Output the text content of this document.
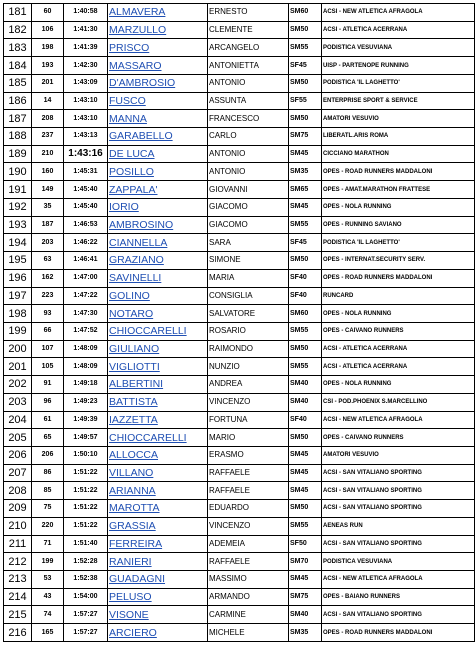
181	60	1:40:58	ALMAVERA	ERNESTO	SM60	ACSI - NEW ATLETICA AFRAGOLA
182	106	1:41:30	MARZULLO	CLEMENTE	SM50	ACSI - ATLETICA ACERRANA
183	198	1:41:39	PRISCO	ARCANGELO	SM55	PODISTICA VESUVIANA
184	193	1:42:30	MASSARO	ANTONIETTA	SF45	UISP - PARTENOPE RUNNING
185	201	1:43:09	D'AMBROSIO	ANTONIO	SM50	PODISTICA 'IL LAGHETTO'
186	14	1:43:10	FUSCO	ASSUNTA	SF55	ENTERPRISE SPORT & SERVICE
187	208	1:43:10	MANNA	FRANCESCO	SM50	AMATORI VESUVIO
188	237	1:43:13	GARABELLO	CARLO	SM75	LIBERATL.ARIS ROMA
189	210	1:43:16	DE LUCA	ANTONIO	SM45	CICCIANO MARATHON
190	160	1:45:31	POSILLO	ANTONIO	SM35	OPES - ROAD RUNNERS MADDALONI
191	149	1:45:40	ZAPPALA'	GIOVANNI	SM65	OPES - AMAT.MARATHON FRATTESE
192	35	1:45:40	IORIO	GIACOMO	SM45	OPES - NOLA RUNNING
193	187	1:46:53	AMBROSINO	GIACOMO	SM55	OPES - RUNNING SAVIANO
194	203	1:46:22	CIANNELLA	SARA	SF45	PODISTICA 'IL LAGHETTO'
195	63	1:46:41	GRAZIANO	SIMONE	SM50	OPES - INTERNAT.SECURITY SERV.
196	162	1:47:00	SAVINELLI	MARIA	SF40	OPES - ROAD RUNNERS MADDALONI
197	223	1:47:22	GOLINO	CONSIGLIA	SF40	RUNCARD
198	93	1:47:30	NOTARO	SALVATORE	SM60	OPES - NOLA RUNNING
199	66	1:47:52	CHIOCCARELLI	ROSARIO	SM55	OPES - CAIVANO RUNNERS
200	107	1:48:09	GIULIANO	RAIMONDO	SM50	ACSI - ATLETICA ACERRANA
201	105	1:48:09	VIGLIOTTI	NUNZIO	SM55	ACSI - ATLETICA ACERRANA
202	91	1:49:18	ALBERTINI	ANDREA	SM40	OPES - NOLA RUNNING
203	96	1:49:23	BATTISTA	VINCENZO	SM40	CSI - POD.PHOENIX S.MARCELLINO
204	61	1:49:39	IAZZETTA	FORTUNA	SF40	ACSI - NEW ATLETICA AFRAGOLA
205	65	1:49:57	CHIOCCARELLI	MARIO	SM50	OPES - CAIVANO RUNNERS
206	206	1:50:10	ALLOCCA	ERASMO	SM45	AMATORI VESUVIO
207	86	1:51:22	VILLANO	RAFFAELE	SM45	ACSI - SAN VITALIANO SPORTING
208	85	1:51:22	ARIANNA	RAFFAELE	SM45	ACSI - SAN VITALIANO SPORTING
209	75	1:51:22	MAROTTA	EDUARDO	SM50	ACSI - SAN VITALIANO SPORTING
210	220	1:51:22	GRASSIA	VINCENZO	SM55	AENEAS RUN
211	71	1:51:40	FERREIRA	ADEMEIA	SF50	ACSI - SAN VITALIANO SPORTING
212	199	1:52:28	RANIERI	RAFFAELE	SM70	PODISTICA VESUVIANA
213	53	1:52:38	GUADAGNI	MASSIMO	SM45	ACSI - NEW ATLETICA AFRAGOLA
214	43	1:54:00	PELUSO	ARMANDO	SM75	OPES - BAIANO RUNNERS
215	74	1:57:27	VISONE	CARMINE	SM40	ACSI - SAN VITALIANO SPORTING
216	165	1:57:27	ARCIERO	MICHELE	SM35	OPES - ROAD RUNNERS MADDALONI
